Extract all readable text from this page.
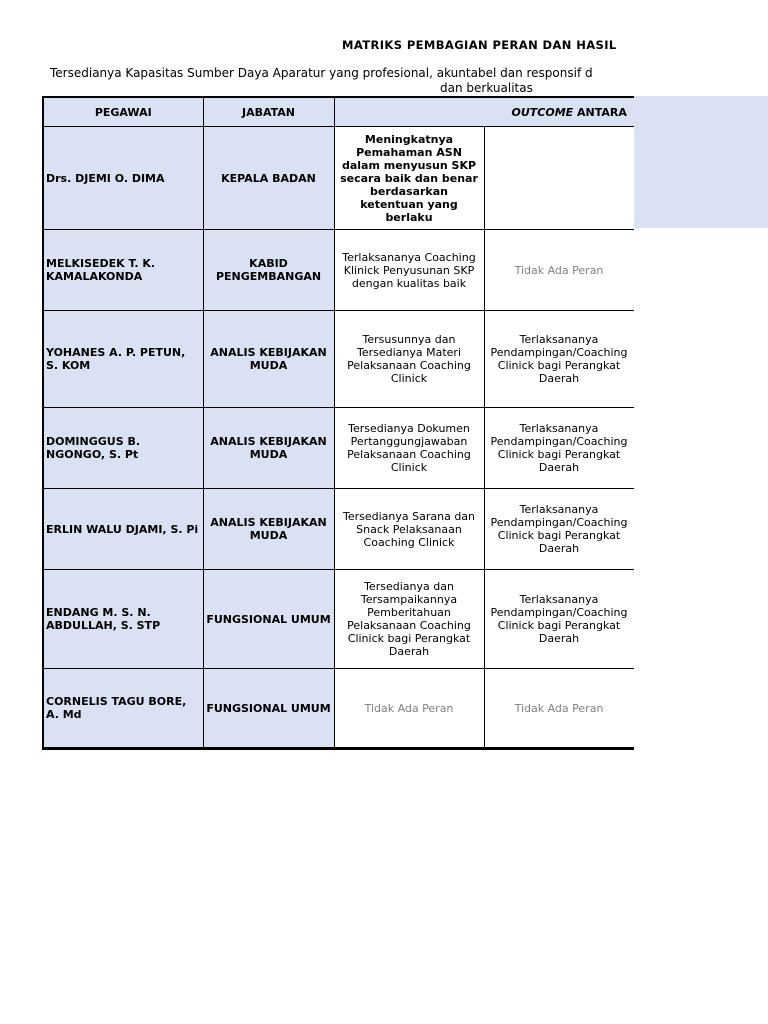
MATRIKS PEMBAGIAN PERAN DAN HASIL
Tersedianya Kapasitas Sumber Daya Aparatur yang profesional, akuntabel dan responsif d
dan berkualitas
PEGAWAI	JABATAN	OUTCOME ANTARA		
Drs. DJEMI O. DIMA	KEPALA BADAN	Meningkatnya Pemahaman ASN dalam menyusun SKP secara baik dan benar berdasarkan ketentuan yang berlaku		
MELKISEDEK T. K. KAMALAKONDA	KABID PENGEMBANGAN	Terlaksananya Coaching Klinick Penyusunan SKP dengan kualitas baik	Tidak Ada Peran	
YOHANES A. P. PETUN, S. KOM	ANALIS KEBIJAKAN MUDA	Tersusunnya dan Tersedianya Materi Pelaksanaan Coaching Clinick	Terlaksananya Pendampingan/Coaching Clinick bagi Perangkat Daerah	
DOMINGGUS B. NGONGO, S. Pt	ANALIS KEBIJAKAN MUDA	Tersedianya Dokumen Pertanggungjawaban Pelaksanaan Coaching Clinick	Terlaksananya Pendampingan/Coaching Clinick bagi Perangkat Daerah	
ERLIN WALU DJAMI, S. Pi	ANALIS KEBIJAKAN MUDA	Tersedianya Sarana dan Snack Pelaksanaan Coaching Clinick	Terlaksananya Pendampingan/Coaching Clinick bagi Perangkat Daerah	
ENDANG M. S. N. ABDULLAH, S. STP	FUNGSIONAL UMUM	Tersedianya dan Tersampaikannya Pemberitahuan Pelaksanaan Coaching Clinick bagi Perangkat Daerah	Terlaksananya Pendampingan/Coaching Clinick bagi Perangkat Daerah	
CORNELIS TAGU BORE, A. Md	FUNGSIONAL UMUM	Tidak Ada Peran	Tidak Ada Peran	
